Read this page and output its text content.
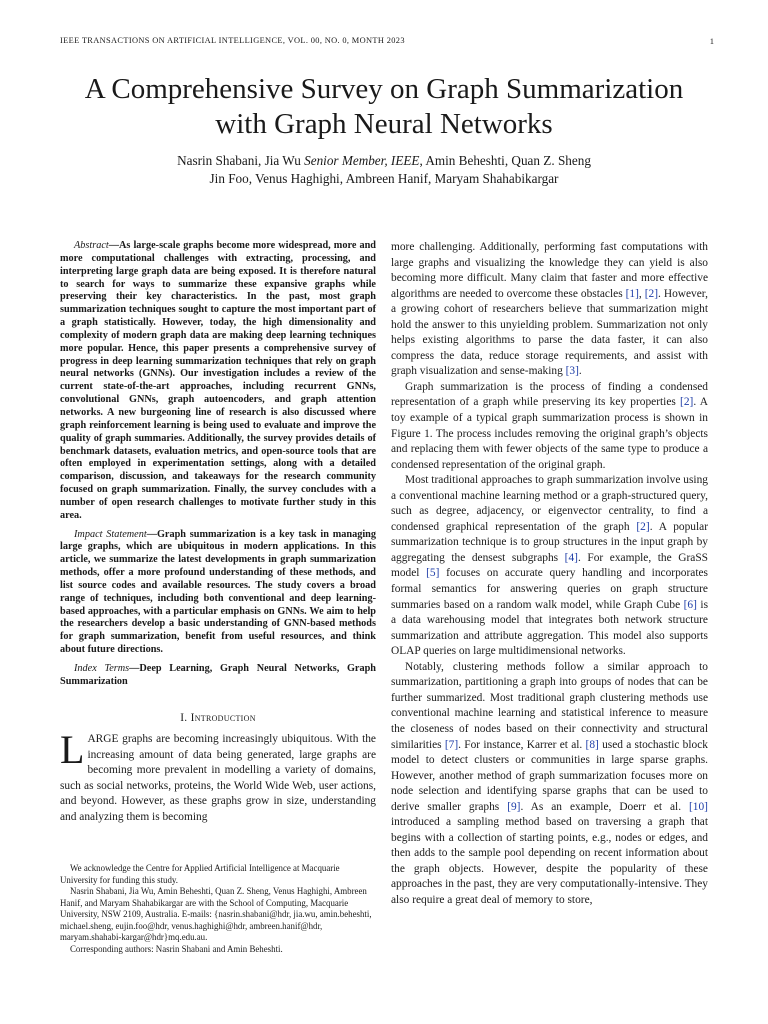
IEEE TRANSACTIONS ON ARTIFICIAL INTELLIGENCE, VOL. 00, NO. 0, MONTH 2023	1
A Comprehensive Survey on Graph Summarization
with Graph Neural Networks
Nasrin Shabani, Jia Wu Senior Member, IEEE, Amin Beheshti, Quan Z. Sheng
Jin Foo, Venus Haghighi, Ambreen Hanif, Maryam Shahabikargar

Abstract—As large-scale graphs become more widespread, more and more computational challenges with extracting, processing, and interpreting large graph data are being exposed. It is therefore natural to search for ways to summarize these expansive graphs while preserving their key characteristics. In the past, most graph summarization techniques sought to capture the most important part of a graph statistically. However, today, the high dimensionality and complexity of modern graph data are making deep learning techniques more popular. Hence, this paper presents a comprehensive survey of progress in deep learning summarization techniques that rely on graph neural networks (GNNs). Our investigation includes a review of the current state-of-the-art approaches, including recurrent GNNs, convolutional GNNs, graph autoencoders, and graph attention networks. A new burgeoning line of research is also discussed where graph reinforcement learning is being used to evaluate and improve the quality of graph summaries. Additionally, the survey provides details of benchmark datasets, evaluation metrics, and open-source tools that are often employed in experimentation settings, along with a detailed comparison, discussion, and takeaways for the research community focused on graph summarization. Finally, the survey concludes with a number of open research challenges to motivate further study in this area.

Impact Statement—Graph summarization is a key task in managing large graphs, which are ubiquitous in modern applications. In this article, we summarize the latest developments in graph summarization methods, offer a more profound understanding of these methods, and list source codes and available resources. The study covers a broad range of techniques, including both conventional and deep learning-based approaches, with a particular emphasis on GNNs. We aim to help the researchers develop a basic understanding of GNN-based methods for graph summarization, benefit from useful resources, and think about future directions.

Index Terms—Deep Learning, Graph Neural Networks, Graph Summarization

I. Introduction

LARGE graphs are becoming increasingly ubiquitous. With the increasing amount of data being generated, large graphs are becoming more prevalent in modelling a variety of domains, such as social networks, proteins, the World Wide Web, user actions, and beyond. However, as these graphs grow in size, understanding and analyzing them is becoming

We acknowledge the Centre for Applied Artificial Intelligence at Macquarie University for funding this study.

Nasrin Shabani, Jia Wu, Amin Beheshti, Quan Z. Sheng, Venus Haghighi, Ambreen Hanif, and Maryam Shahabikargar are with the School of Computing, Macquarie University, NSW 2109, Australia. E-mails: {nasrin.shabani@hdr, jia.wu, amin.beheshti, michael.sheng, eujin.foo@hdr, venus.haghighi@hdr, ambreen.hanif@hdr, maryam.shahabi-kargar@hdr}mq.edu.au.

Corresponding authors: Nasrin Shabani and Amin Beheshti.

more challenging. Additionally, performing fast computations with large graphs and visualizing the knowledge they can yield is also becoming more difficult. Many claim that faster and more effective algorithms are needed to overcome these obstacles [1], [2]. However, a growing cohort of researchers believe that summarization might hold the answer to this unyielding problem. Summarization not only helps existing algorithms to parse the data faster, it can also compress the data, reduce storage requirements, and assist with graph visualization and sense-making [3].

Graph summarization is the process of finding a condensed representation of a graph while preserving its key properties [2]. A toy example of a typical graph summarization process is shown in Figure 1. The process includes removing the original graph’s objects and replacing them with fewer objects of the same type to produce a condensed representation of the original graph.

Most traditional approaches to graph summarization involve using a conventional machine learning method or a graph-structured query, such as degree, adjacency, or eigenvector centrality, to find a condensed graphical representation of the graph [2]. A popular summarization technique is to group structures in the input graph by aggregating the densest subgraphs [4]. For example, the GraSS model [5] focuses on accurate query handling and incorporates formal semantics for answering queries on graph structure summaries based on a random walk model, while Graph Cube [6] is a data warehousing model that integrates both network structure summarization and attribute aggregation. This model also supports OLAP queries on large multidimensional networks.

Notably, clustering methods follow a similar approach to summarization, partitioning a graph into groups of nodes that can be further summarized. Most traditional graph clustering methods use conventional machine learning and statistical inference to measure the closeness of nodes based on their connectivity and structural similarities [7]. For instance, Karrer et al. [8] used a stochastic block model to detect clusters or communities in large sparse graphs. However, another method of graph summarization focuses more on node selection and identifying sparse graphs that can be used to derive smaller graphs [9]. As an example, Doerr et al. [10] introduced a sampling method based on traversing a graph that begins with a collection of starting points, e.g., nodes or edges, and then adds to the sample pool depending on recent information about the graph objects. However, despite the popularity of these approaches in the past, they are very computationally-intensive. They also require a great deal of memory to store,
